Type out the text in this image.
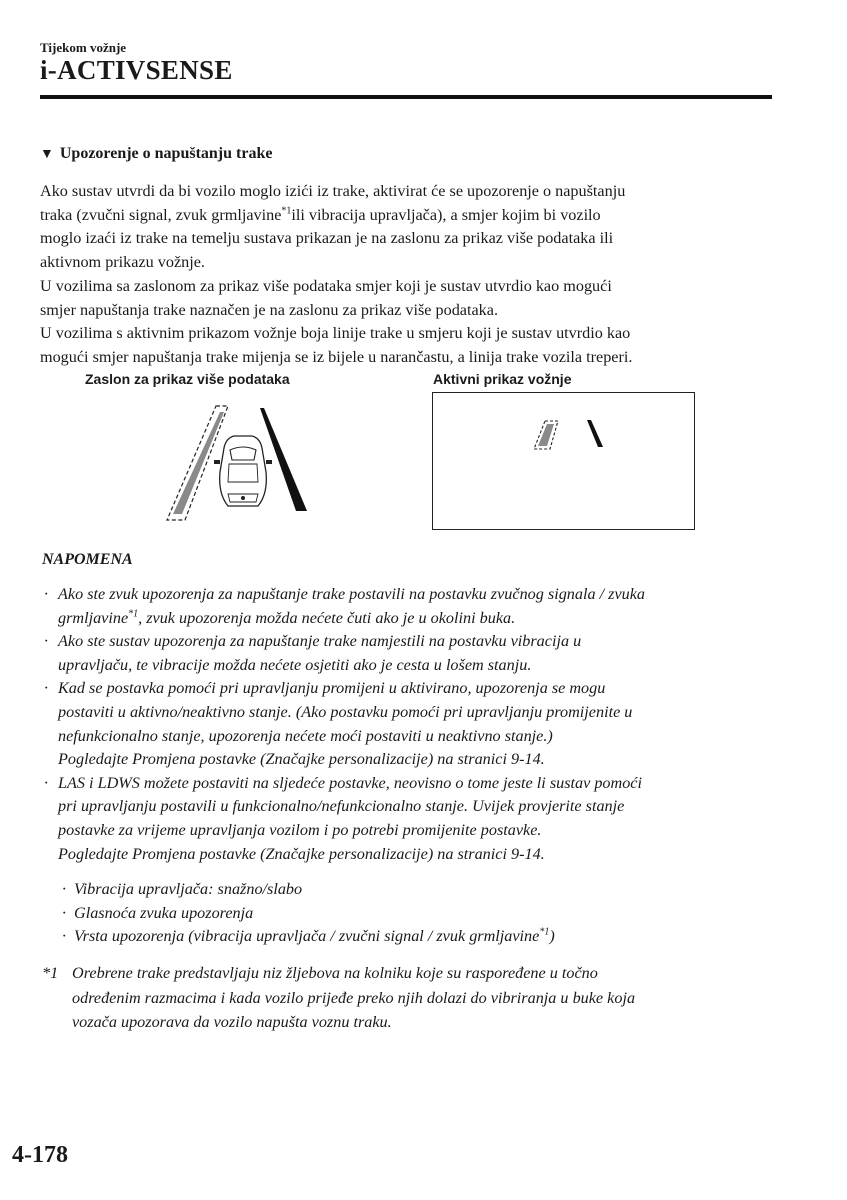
Tijekom vožnje
i-ACTIVSENSE
▼ Upozorenje o napuštanju trake

Ako sustav utvrdi da bi vozilo moglo izići iz trake, aktivirat će se upozorenje o napuštanju
traka (zvučni signal, zvuk grmljavine$^{*1}$ili vibracija upravljača), a smjer kojim bi vozilo
moglo izaći iz trake na temelju sustava prikazan je na zaslonu za prikaz više podataka ili
aktivnom prikazu vožnje.

U vozilima sa zaslonom za prikaz više podataka smjer koji je sustav utvrdio kao mogući
smjer napuštanja trake naznačen je na zaslonu za prikaz više podataka.

U vozilima s aktivnim prikazom vožnje boja linije trake u smjeru koji je sustav utvrdio kao
mogući smjer napuštanja trake mijenja se iz bijele u narančastu, a linija trake vozila treperi.

Zaslon za prikaz više podataka	Aktivni prikaz vožnje
NAPOMENA
· Ako ste zvuk upozorenja za napuštanje trake postavili na postavku zvučnog signala / zvuka
grmljavine$^{*1}$, zvuk upozorenja možda nećete čuti ako je u okolini buka.
· Ako ste sustav upozorenja za napuštanje trake namjestili na postavku vibracija u
upravljaču, te vibracije možda nećete osjetiti ako je cesta u lošem stanju.
· Kad se postavka pomoći pri upravljanju promijeni u aktivirano, upozorenja se mogu
postaviti u aktivno/neaktivno stanje. (Ako postavku pomoći pri upravljanju promijenite u
nefunkcionalno stanje, upozorenja nećete moći postaviti u neaktivno stanje.)
Pogledajte Promjena postavke (Značajke personalizacije) na stranici 9-14.
· LAS i LDWS možete postaviti na sljedeće postavke, neovisno o tome jeste li sustav pomoći
pri upravljanju postavili u funkcionalno/nefunkcionalno stanje. Uvijek provjerite stanje
postavke za vrijeme upravljanja vozilom i po potrebi promijenite postavke.
Pogledajte Promjena postavke (Značajke personalizacije) na stranici 9-14.
· Vibracija upravljača: snažno/slabo
· Glasnoća zvuka upozorenja
· Vrsta upozorenja (vibracija upravljača / zvučni signal / zvuk grmljavine$^{*1}$)
*1 Orebrene trake predstavljaju niz žljebova na kolniku koje su raspoređene u točno
određenim razmacima i kada vozilo prijeđe preko njih dolazi do vibriranja u buke koja
vozača upozorava da vozilo napušta voznu traku.
4-178
